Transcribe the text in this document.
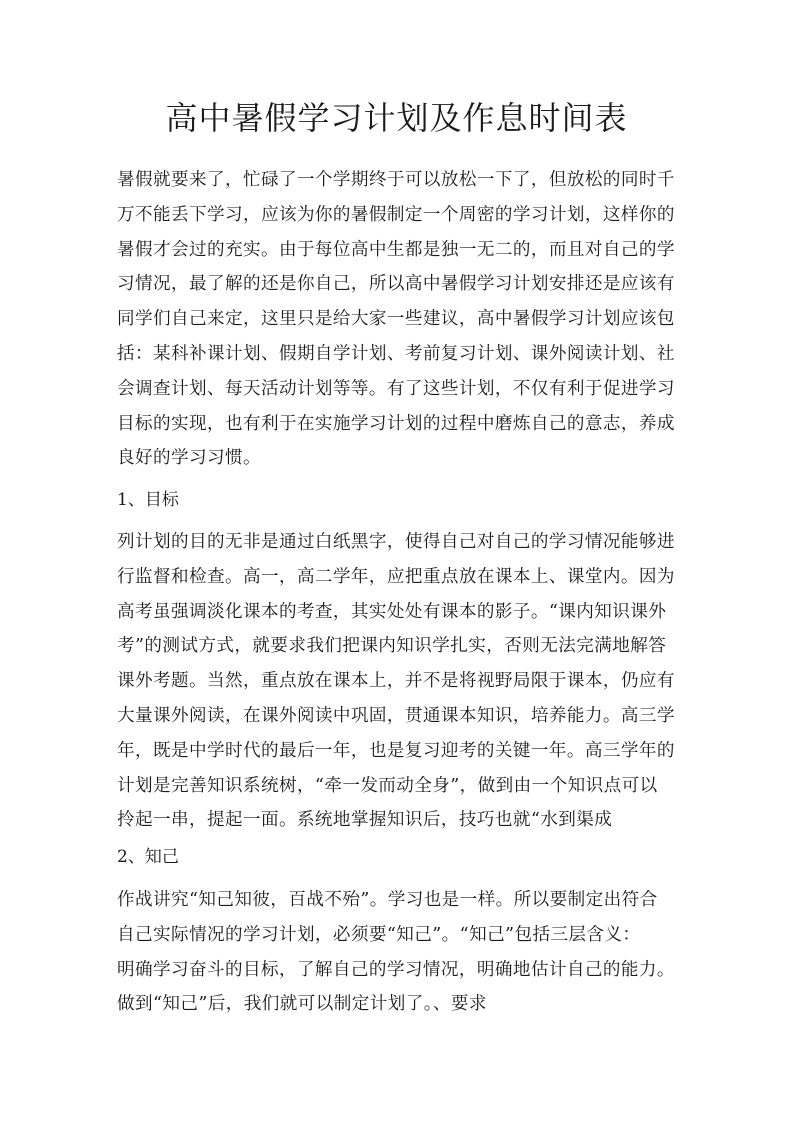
高中暑假学习计划及作息时间表

暑假就要来了，忙碌了一个学期终于可以放松一下了，但放松的同时千
万不能丢下学习，应该为你的暑假制定一个周密的学习计划，这样你的
暑假才会过的充实。由于每位高中生都是独一无二的，而且对自己的学
习情况，最了解的还是你自己，所以高中暑假学习计划安排还是应该有
同学们自己来定，这里只是给大家一些建议，高中暑假学习计划应该包
括：某科补课计划、假期自学计划、考前复习计划、课外阅读计划、社
会调查计划、每天活动计划等等。有了这些计划，不仅有利于促进学习
目标的实现，也有利于在实施学习计划的过程中磨炼自己的意志，养成
良好的学习习惯。

1、目标

列计划的目的无非是通过白纸黑字，使得自己对自己的学习情况能够进
行监督和检查。高一，高二学年，应把重点放在课本上、课堂内。因为
高考虽强调淡化课本的考查，其实处处有课本的影子。“课内知识课外
考”的测试方式，就要求我们把课内知识学扎实，否则无法完满地解答
课外考题。当然，重点放在课本上，并不是将视野局限于课本，仍应有
大量课外阅读，在课外阅读中巩固，贯通课本知识，培养能力。高三学
年，既是中学时代的最后一年，也是复习迎考的关键一年。高三学年的
计划是完善知识系统树，“牵一发而动全身”，做到由一个知识点可以
拎起一串，提起一面。系统地掌握知识后，技巧也就“水到渠成

2、知己

作战讲究“知己知彼，百战不殆”。学习也是一样。所以要制定出符合
自己实际情况的学习计划，必须要“知己”。“知己”包括三层含义：
明确学习奋斗的目标，了解自己的学习情况，明确地估计自己的能力。
做到“知己”后，我们就可以制定计划了。、要求
